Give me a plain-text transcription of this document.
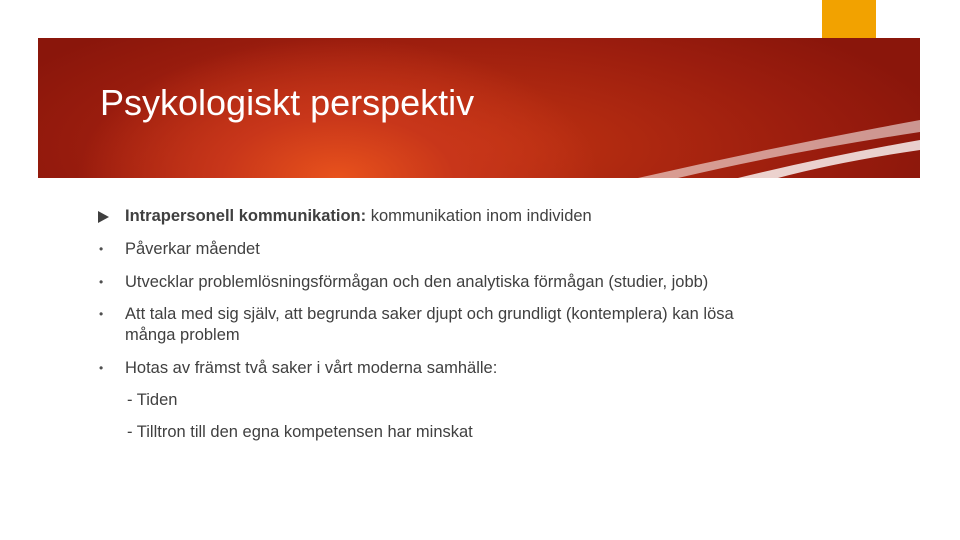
Psykologiskt perspektiv
Intrapersonell kommunikation: kommunikation inom individen
• Påverkar måendet
• Utvecklar problemlösningsförmågan och den analytiska förmågan (studier, jobb)
• Att tala med sig själv, att begrunda saker djupt och grundligt (kontemplera) kan lösa många problem
• Hotas av främst två saker i vårt moderna samhälle:
- Tiden
- Tilltron till den egna kompetensen har minskat
